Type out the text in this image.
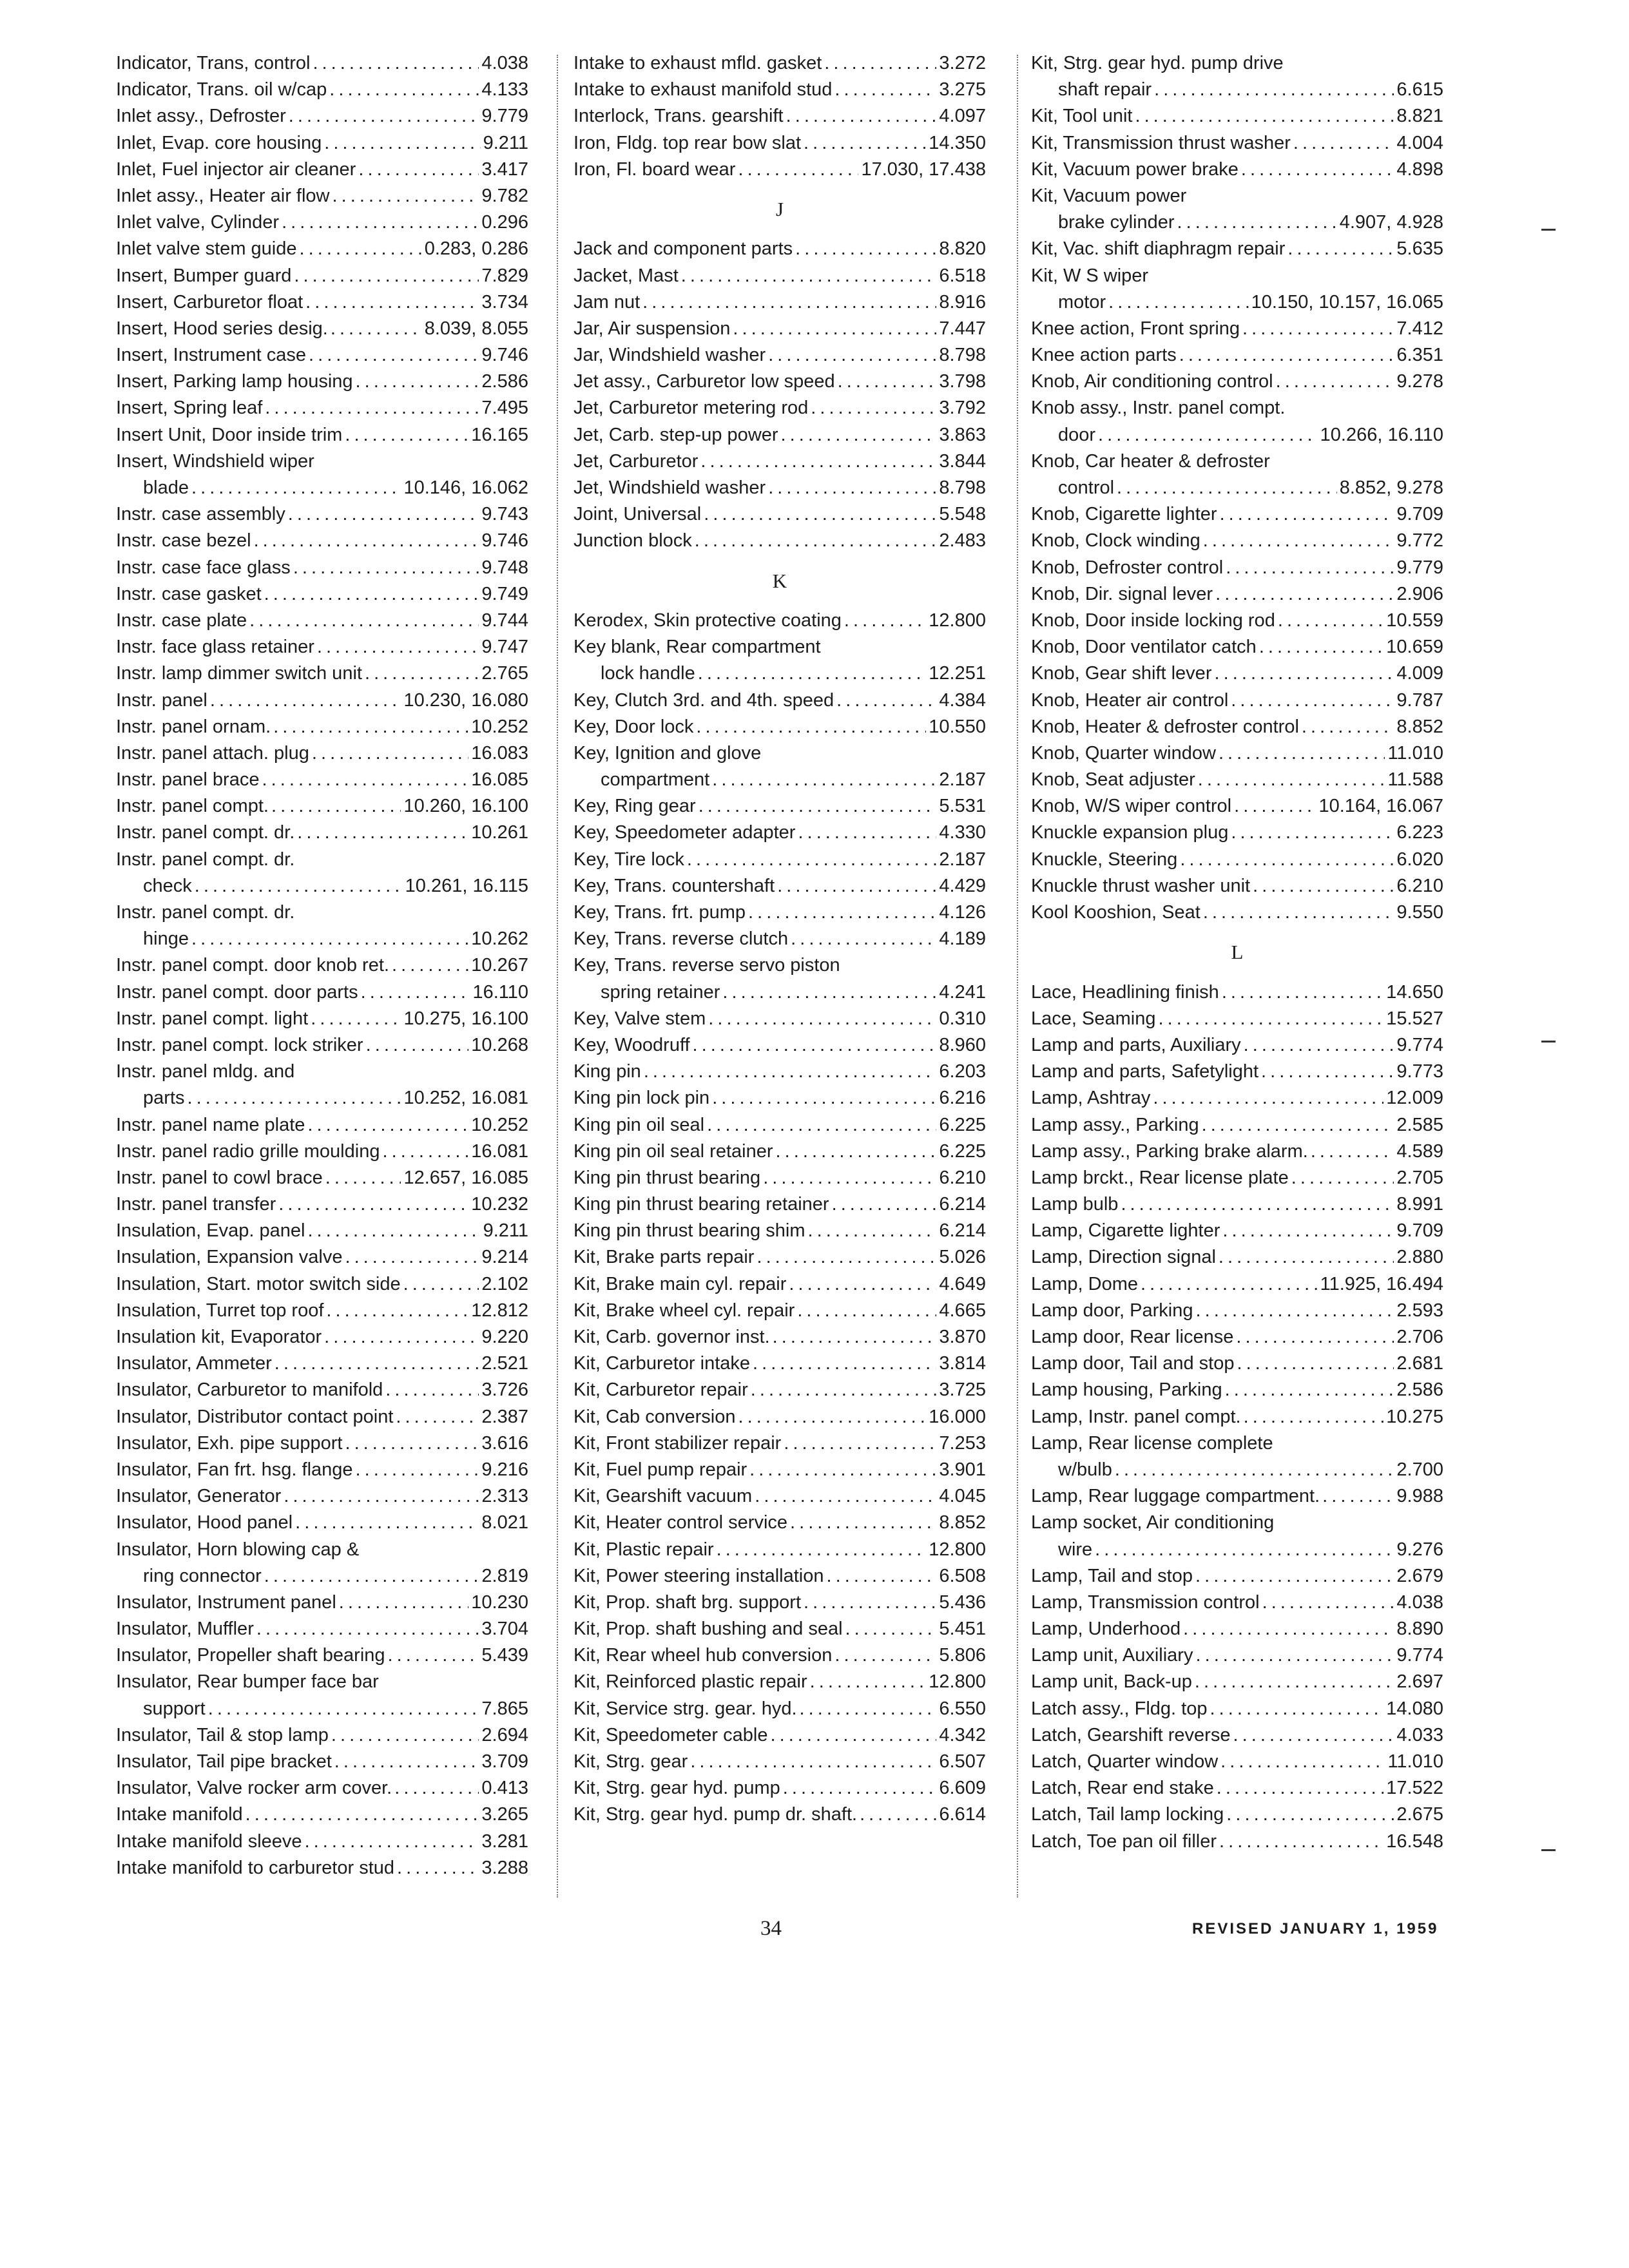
Indicator, Trans, control . . .	4.038
Indicator, Trans. oil w/cap . . .	4.133
Inlet assy., Defroster . . .	9.779
Inlet, Evap. core housing . . .	9.211
Inlet, Fuel injector air cleaner . . .	3.417
Inlet assy., Heater air flow . . .	9.782
Inlet valve, Cylinder . . .	0.296
Inlet valve stem guide . . .	0.283, 0.286
Insert, Bumper guard . . .	7.829
Insert, Carburetor float . . .	3.734
Insert, Hood series desig. . . .	8.039, 8.055
Insert, Instrument case . . .	9.746
Insert, Parking lamp housing . . .	2.586
Insert, Spring leaf . . .	7.495
Insert Unit, Door inside trim . . .	16.165
Insert, Windshield wiper
blade . . .	10.146, 16.062
Instr. case assembly . . .	9.743
Instr. case bezel . . .	9.746
Instr. case face glass . . .	9.748
Instr. case gasket . . .	9.749
Instr. case plate . . .	9.744
Instr. face glass retainer . . .	9.747
Instr. lamp dimmer switch unit . . .	2.765
Instr. panel . . .	10.230, 16.080
Instr. panel ornam. . . .	10.252
Instr. panel attach. plug . . .	16.083
Instr. panel brace . . .	16.085
Instr. panel compt. . . .	10.260, 16.100
Instr. panel compt. dr. . . .	10.261
Instr. panel compt. dr.
check . . .	10.261, 16.115
Instr. panel compt. dr.
hinge . . .	10.262
Instr. panel compt. door knob ret. . . .	10.267
Instr. panel compt. door parts . . .	16.110
Instr. panel compt. light . . .	10.275, 16.100
Instr. panel compt. lock striker . . .	10.268
Instr. panel mldg. and
parts . . .	10.252, 16.081
Instr. panel name plate . . .	10.252
Instr. panel radio grille moulding . . .	16.081
Instr. panel to cowl brace . . .	12.657, 16.085
Instr. panel transfer . . .	10.232
Insulation, Evap. panel . . .	9.211
Insulation, Expansion valve . . .	9.214
Insulation, Start. motor switch side . . .	2.102
Insulation, Turret top roof . . .	12.812
Insulation kit, Evaporator . . .	9.220
Insulator, Ammeter . . .	2.521
Insulator, Carburetor to manifold . . .	3.726
Insulator, Distributor contact point . . .	2.387
Insulator, Exh. pipe support . . .	3.616
Insulator, Fan frt. hsg. flange . . .	9.216
Insulator, Generator . . .	2.313
Insulator, Hood panel . . .	8.021
Insulator, Horn blowing cap &
ring connector . . .	2.819
Insulator, Instrument panel . . .	10.230
Insulator, Muffler . . .	3.704
Insulator, Propeller shaft bearing . . .	5.439
Insulator, Rear bumper face bar
support . . .	7.865
Insulator, Tail & stop lamp . . .	2.694
Insulator, Tail pipe bracket . . .	3.709
Insulator, Valve rocker arm cover. . . .	0.413
Intake manifold . . .	3.265
Intake manifold sleeve . . .	3.281
Intake manifold to carburetor stud . . .	3.288
Intake to exhaust mfld. gasket . . .	3.272
Intake to exhaust manifold stud . . .	3.275
Interlock, Trans. gearshift . . .	4.097
Iron, Fldg. top rear bow slat . . .	14.350
Iron, Fl. board wear . . .	17.030, 17.438
J
Jack and component parts . . .	8.820
Jacket, Mast . . .	6.518
Jam nut . . .	8.916
Jar, Air suspension . . .	7.447
Jar, Windshield washer . . .	8.798
Jet assy., Carburetor low speed . . .	3.798
Jet, Carburetor metering rod . . .	3.792
Jet, Carb. step-up power . . .	3.863
Jet, Carburetor . . .	3.844
Jet, Windshield washer . . .	8.798
Joint, Universal . . .	5.548
Junction block . . .	2.483
K
Kerodex, Skin protective coating . . .	12.800
Key blank, Rear compartment
lock handle . . .	12.251
Key, Clutch 3rd. and 4th. speed . . .	4.384
Key, Door lock . . .	10.550
Key, Ignition and glove
compartment . . .	2.187
Key, Ring gear . . .	5.531
Key, Speedometer adapter . . .	4.330
Key, Tire lock . . .	2.187
Key, Trans. countershaft . . .	4.429
Key, Trans. frt. pump . . .	4.126
Key, Trans. reverse clutch . . .	4.189
Key, Trans. reverse servo piston
spring retainer . . .	4.241
Key, Valve stem . . .	0.310
Key, Woodruff . . .	8.960
King pin . . .	6.203
King pin lock pin . . .	6.216
King pin oil seal . . .	6.225
King pin oil seal retainer . . .	6.225
King pin thrust bearing . . .	6.210
King pin thrust bearing retainer . . .	6.214
King pin thrust bearing shim . . .	6.214
Kit, Brake parts repair . . .	5.026
Kit, Brake main cyl. repair . . .	4.649
Kit, Brake wheel cyl. repair . . .	4.665
Kit, Carb. governor inst. . . .	3.870
Kit, Carburetor intake . . .	3.814
Kit, Carburetor repair . . .	3.725
Kit, Cab conversion . . .	16.000
Kit, Front stabilizer repair . . .	7.253
Kit, Fuel pump repair . . .	3.901
Kit, Gearshift vacuum . . .	4.045
Kit, Heater control service . . .	8.852
Kit, Plastic repair . . .	12.800
Kit, Power steering installation . . .	6.508
Kit, Prop. shaft brg. support . . .	5.436
Kit, Prop. shaft bushing and seal . . .	5.451
Kit, Rear wheel hub conversion . . .	5.806
Kit, Reinforced plastic repair . . .	12.800
Kit, Service strg. gear. hyd. . . .	6.550
Kit, Speedometer cable . . .	4.342
Kit, Strg. gear . . .	6.507
Kit, Strg. gear hyd. pump . . .	6.609
Kit, Strg. gear hyd. pump dr. shaft. . . .	6.614
Kit, Strg. gear hyd. pump drive
shaft repair . . .	6.615
Kit, Tool unit . . .	8.821
Kit, Transmission thrust washer . . .	4.004
Kit, Vacuum power brake . . .	4.898
Kit, Vacuum power
brake cylinder . . .	4.907, 4.928
Kit, Vac. shift diaphragm repair . . .	5.635
Kit, W S wiper
motor . . .	10.150, 10.157, 16.065
Knee action, Front spring . . .	7.412
Knee action parts . . .	6.351
Knob, Air conditioning control . . .	9.278
Knob assy., Instr. panel compt.
door . . .	10.266, 16.110
Knob, Car heater & defroster
control . . .	8.852, 9.278
Knob, Cigarette lighter . . .	9.709
Knob, Clock winding . . .	9.772
Knob, Defroster control . . .	9.779
Knob, Dir. signal lever . . .	2.906
Knob, Door inside locking rod . . .	10.559
Knob, Door ventilator catch . . .	10.659
Knob, Gear shift lever . . .	4.009
Knob, Heater air control . . .	9.787
Knob, Heater & defroster control . . .	8.852
Knob, Quarter window . . .	11.010
Knob, Seat adjuster . . .	11.588
Knob, W/S wiper control . . .	10.164, 16.067
Knuckle expansion plug . . .	6.223
Knuckle, Steering . . .	6.020
Knuckle thrust washer unit . . .	6.210
Kool Kooshion, Seat . . .	9.550
L
Lace, Headlining finish . . .	14.650
Lace, Seaming . . .	15.527
Lamp and parts, Auxiliary . . .	9.774
Lamp and parts, Safetylight . . .	9.773
Lamp, Ashtray . . .	12.009
Lamp assy., Parking . . .	2.585
Lamp assy., Parking brake alarm. . . .	4.589
Lamp brckt., Rear license plate . . .	2.705
Lamp bulb . . .	8.991
Lamp, Cigarette lighter . . .	9.709
Lamp, Direction signal . . .	2.880
Lamp, Dome . . .	11.925, 16.494
Lamp door, Parking . . .	2.593
Lamp door, Rear license . . .	2.706
Lamp door, Tail and stop . . .	2.681
Lamp housing, Parking . . .	2.586
Lamp, Instr. panel compt. . . .	10.275
Lamp, Rear license complete
w/bulb . . .	2.700
Lamp, Rear luggage compartment. . . .	9.988
Lamp socket, Air conditioning
wire . . .	9.276
Lamp, Tail and stop . . .	2.679
Lamp, Transmission control . . .	4.038
Lamp, Underhood . . .	8.890
Lamp unit, Auxiliary . . .	9.774
Lamp unit, Back-up . . .	2.697
Latch assy., Fldg. top . . .	14.080
Latch, Gearshift reverse . . .	4.033
Latch, Quarter window . . .	11.010
Latch, Rear end stake . . .	17.522
Latch, Tail lamp locking . . .	2.675
Latch, Toe pan oil filler . . .	16.548
34	REVISED JANUARY 1, 1959
